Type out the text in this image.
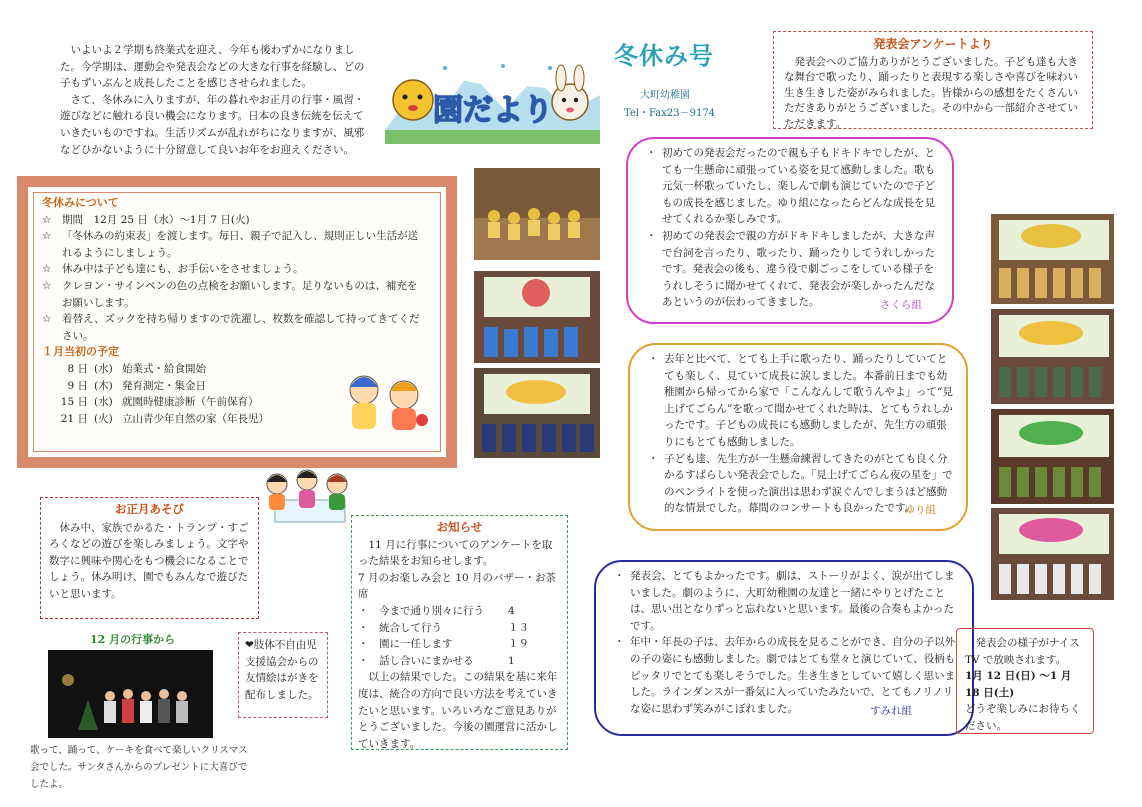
いよいよ２学期も終業式を迎え、今年も後わずかになりました。今学期は、運動会や発表会などの大きな行事を経験し、どの子もずいぶんと成長したことを感じさせられました。

さて、冬休みに入りますが、年の暮れやお正月の行事・風習・遊びなどに触れる良い機会になります。日本の良き伝統を伝えていきたいものですね。生活リズムが乱れがちになりますが、風邪などひかないように十分留意して良いお年をお迎えください。

園だより
冬休み号
大町幼稚園
Tel・Fax23－9174
発表会アンケートより

発表会へのご協力ありがとうございました。子ども達も大きな舞台で歌ったり、踊ったりと表現する楽しさや喜びを味わい生き生きした姿がみられました。皆様からの感想をたくさんいただきありがとうございました。その中から一部紹介させていただきます。

冬休みについて
☆	期間　12月 25 日（水）～1月 7 日(火)
☆	「冬休みの約束表」を渡します。毎日、親子で記入し、規則正しい生活が送れるようにしましょう。
☆	休み中は子ども達にも、お手伝いをさせましょう。
☆	クレヨン・サインペンの色の点検をお願いします。足りないものは、補充をお願いします。
☆	着替え、ズックを持ち帰りますので洗濯し、枚数を確認して持ってきてください。
１月当初の予定
8 日 (水) 始業式・給食開始
9 日 (木) 発育測定・集金日
15 日 (水) 就園時健康診断（午前保育）
21 日 (火) 立山青少年自然の家（年長児）
お正月あそび

休み中、家族でかるた・トランプ・すごろくなどの遊びを楽しみましょう。文字や数字に興味や関心をもつ機会になることでしょう。休み明け、園でもみんなで遊びたいと思います。

12 月の行事から
歌って、踊って、ケーキを食べて楽しいクリスマス会でした。サンタさんからのプレゼントに大喜びでしたよ。

❤肢体不自由児支援協会からの友情絵はがきを配布しました。

お知らせ
11 月に行事についてのアンケートを取った結果をお知らせします。
7 月のお楽しみ会と 10 月のバザー・お茶席
・　今まで通り別々に行う	4
・　統合して行う	１３
・　園に一任します	１９
・　話し合いにまかせる	1
以上の結果でした。この結果を基に来年度は、統合の方向で良い方法を考えていきたいと思います。いろいろなご意見ありがとうございました。今後の園運営に活かしていきます。
・ 初めての発表会だったので親も子もドキドキでしたが、とても一生懸命に頑張っている姿を見て感動しました。歌も元気一杯歌っていたし、楽しんで劇も演じていたので子どもの成長を感じました。ゆり組になったらどんな成長を見せてくれるか楽しみです。
・ 初めての発表会で親の方がドキドキしましたが、大きな声で台詞を言ったり、歌ったり、踊ったりしてうれしかったです。発表会の後も、違う役で劇ごっこをしている様子をうれしそうに聞かせてくれて、発表会が楽しかったんだなあというのが伝わってきました。	さくら組
・ 去年と比べて、とても上手に歌ったり、踊ったりしていてとても楽しく、見ていて成長に涙しました。本番前日までも幼稚園から帰ってから家で「こんなんして歌うんやよ」って“見上げてごらん”を歌って聞かせてくれた時は、とてもうれしかったです。子どもの成長にも感動しましたが、先生方の頑張りにもとても感動しました。
・ 子ども達、先生方が一生懸命練習してきたのがとても良く分かるすばらしい発表会でした。「見上げてごらん夜の星を」でのペンライトを使った演出は思わず涙ぐんでしまうほど感動的な情景でした。幕間のコンサートも良かったです。
ゆり組
・ 発表会、とてもよかったです。劇は、ストーリがよく、涙が出てしまいました。劇のように、大町幼稚園の友達と一緒にやりとげたことは、思い出となりずっと忘れないと思います。最後の合奏もよかったです。
・ 年中・年長の子は、去年からの成長を見ることができ、自分の子以外の子の姿にも感動しました。劇ではとても堂々と演じていて、役柄もピッタリでとても楽しそうでした。生き生きとしていて嬉しく思いました。ラインダンスが一番気に入っていたみたいで、とてもノリノリな姿に思わず笑みがこぼれました。	すみれ組

発表会の様子がナイス TV で放映されます。
1月 12 日(日) ～1 月 18 日(土)
どうぞ楽しみにお待ちください。
